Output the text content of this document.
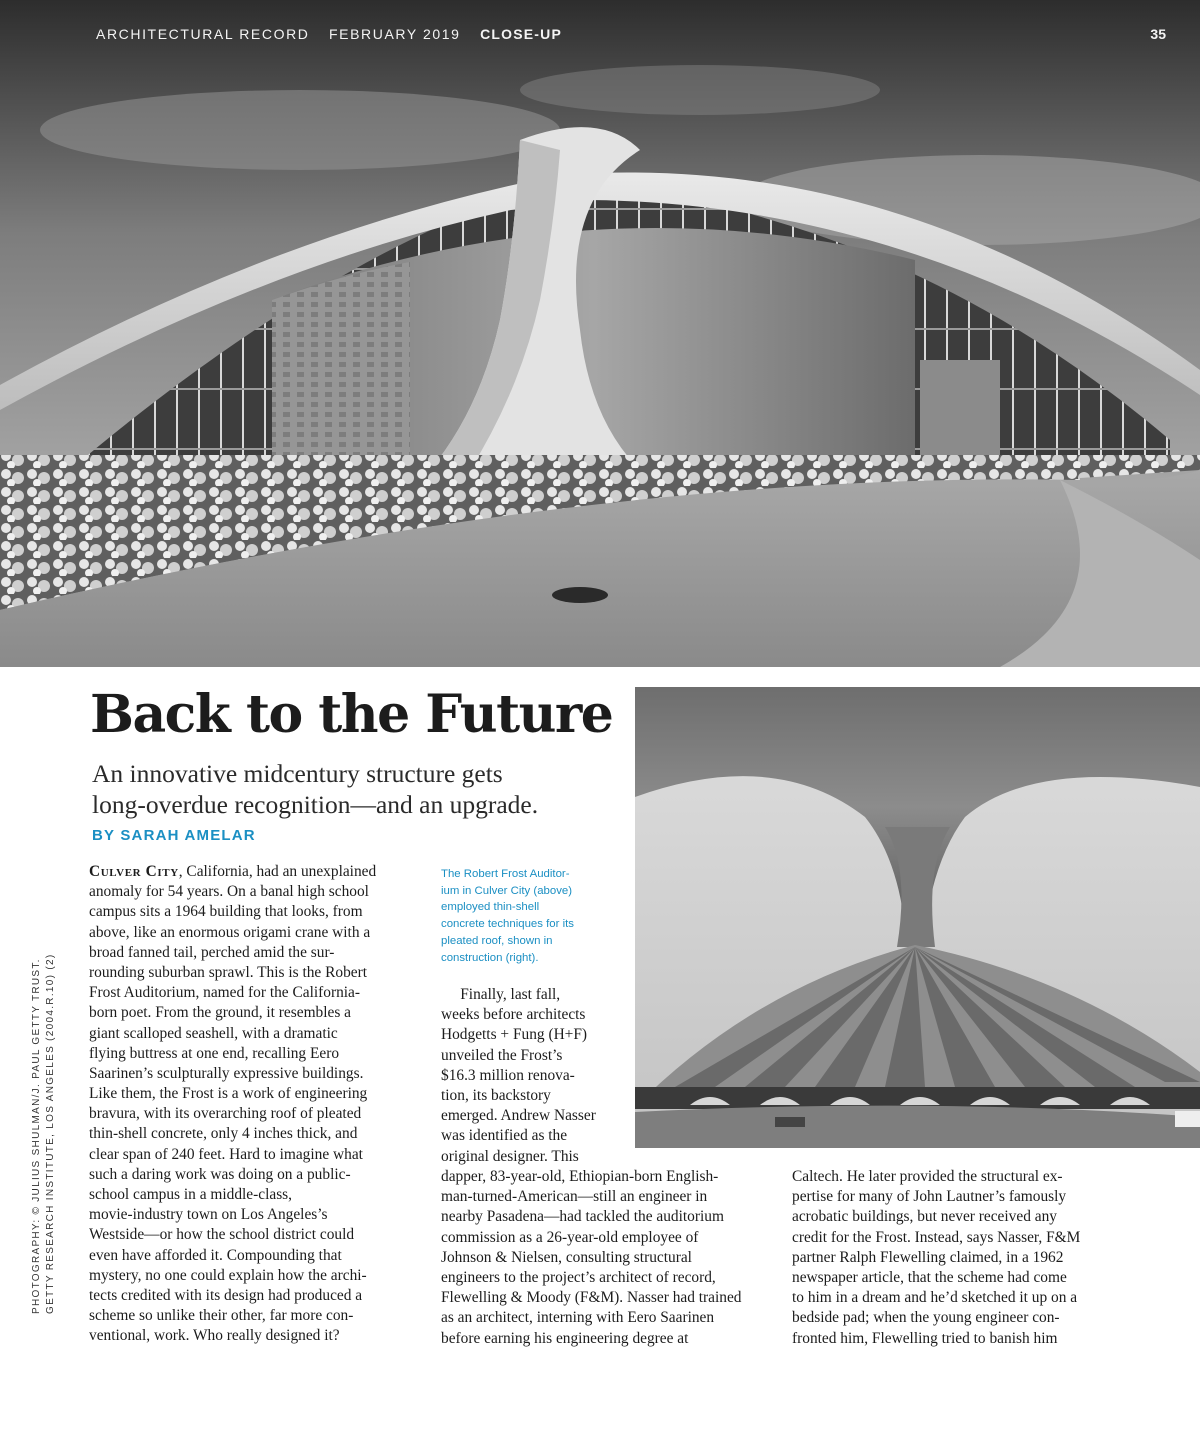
ARCHITECTURAL RECORD FEBRUARY 2019 CLOSE-UP	35
Back to the Future
An innovative midcentury structure gets
long-overdue recognition—and an upgrade.
BY SARAH AMELAR
The Robert Frost Auditor-
ium in Culver City (above)
employed thin-shell
concrete techniques for its
pleated roof, shown in
construction (right).
Culver City, California, had an unexplained
anomaly for 54 years. On a banal high school
campus sits a 1964 building that looks, from
above, like an enormous origami crane with a
broad fanned tail, perched amid the sur-
rounding suburban sprawl. This is the Robert
Frost Auditorium, named for the California-
born poet. From the ground, it resembles a
giant scalloped seashell, with a dramatic
flying buttress at one end, recalling Eero
Saarinen’s sculpturally expressive buildings.
Like them, the Frost is a work of engineering
bravura, with its overarching roof of pleated
thin-shell concrete, only 4 inches thick, and
clear span of 240 feet. Hard to imagine what
such a daring work was doing on a public-
school campus in a middle-class,
movie-industry town on Los Angeles’s
Westside—or how the school district could
even have afforded it. Compounding that
mystery, no one could explain how the archi-
tects credited with its design had produced a
scheme so unlike their other, far more con-
ventional, work. Who really designed it?
  Finally, last fall,
weeks before architects
Hodgetts + Fung (H+F)
unveiled the Frost’s
$16.3 million renova-
tion, its backstory
emerged. Andrew Nasser
was identified as the
original designer. This
dapper, 83-year-old, Ethiopian-born English-
man-turned-American—still an engineer in
nearby Pasadena—had tackled the auditorium
commission as a 26-year-old employee of
Johnson & Nielsen, consulting structural
engineers to the project’s architect of record,
Flewelling & Moody (F&M). Nasser had trained
as an architect, interning with Eero Saarinen
before earning his engineering degree at
Caltech. He later provided the structural ex-
pertise for many of John Lautner’s famously
acrobatic buildings, but never received any
credit for the Frost. Instead, says Nasser, F&M
partner Ralph Flewelling claimed, in a 1962
newspaper article, that the scheme had come
to him in a dream and he’d sketched it up on a
bedside pad; when the young engineer con-
fronted him, Flewelling tried to banish him
PHOTOGRAPHY: © JULIUS SHULMAN/J. PAUL GETTY TRUST. GETTY RESEARCH INSTITUTE, LOS ANGELES (2004.R.10) (2)
